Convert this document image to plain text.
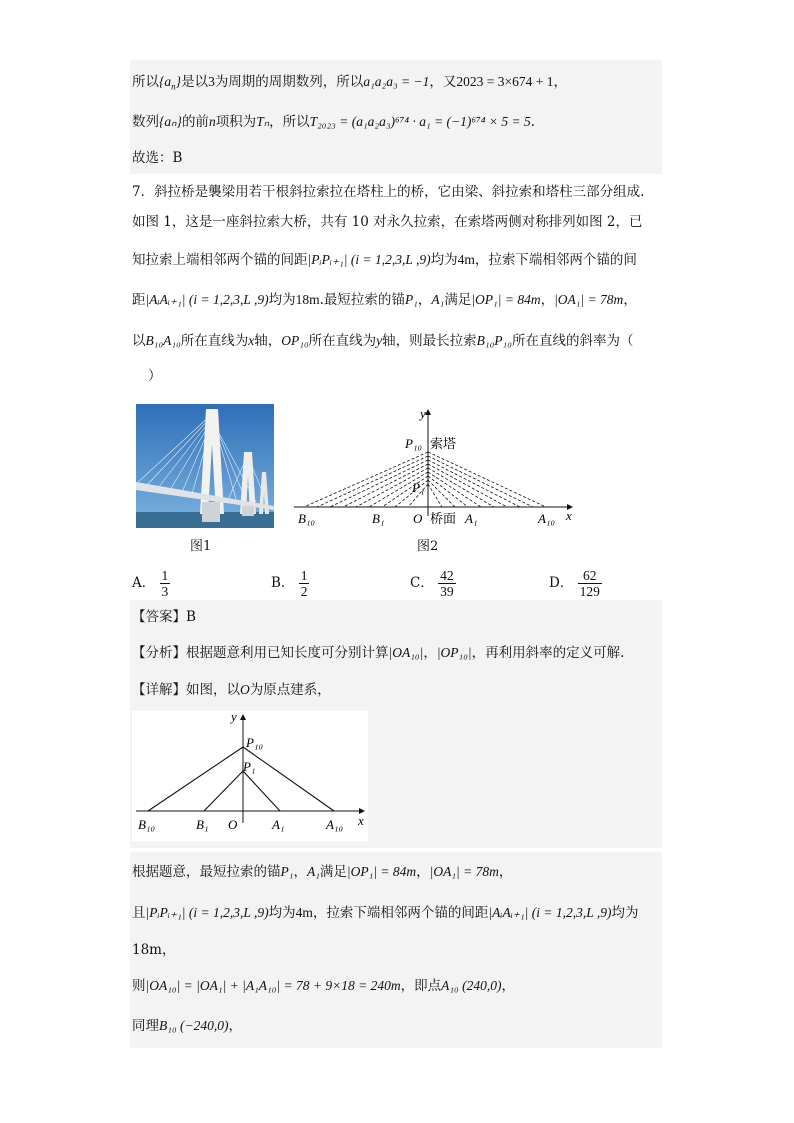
所以$\{a_n\}$是以3为周期的周期数列，所以a₁a₂a₃ = −1，又2023 = 3×674 + 1，
数列{aₙ}的前n项积为Tₙ，所以T₂₀₂₃ = (a₁a₂a₃)⁶⁷⁴ · a₁ = (−1)⁶⁷⁴ × 5 = 5.
故选：B
7．斜拉桥是襲梁用若干根斜拉索拉在塔柱上的桥，它由梁、斜拉索和塔柱三部分组成.
如图 1，这是一座斜拉索大桥，共有 10 对永久拉索，在索塔两侧对称排列如图 2，已
知拉索上端相邻两个锚的间距|PᵢPᵢ₊₁| (i = 1,2,3,L ,9)均为4m，拉索下端相邻两个锚的间
距|AᵢAᵢ₊₁| (i = 1,2,3,L ,9)均为18m.最短拉索的锚P₁，A₁满足|OP₁| = 84m，|OA₁| = 78m，
以B₁₀A₁₀所在直线为x轴，OP₁₀所在直线为y轴，则最长拉索B₁₀P₁₀所在直线的斜率为（
）
图1
y
P₁₀ 索塔
P₁
B₁₀	B₁ O 桥面 A₁	A₁₀ x
图2
A． $\frac{1}{3}$	B． $\frac{1}{2}$	C． $\frac{42}{39}$	D． $\frac{62}{129}$
【答案】B
【分析】根据题意利用已知长度可分别计算|OA₁₀|，|OP₁₀|，再利用斜率的定义可解.
【详解】如图，以O为原点建系，
y
P₁₀
P₁
B₁₀	B₁ O	A₁	A₁₀ x
根据题意，最短拉索的锚P₁，A₁满足|OP₁| = 84m，|OA₁| = 78m，
且|PᵢPᵢ₊₁| (i = 1,2,3,L ,9)均为4m，拉索下端相邻两个锚的间距|AᵢAᵢ₊₁| (i = 1,2,3,L ,9)均为
18m，
则|OA₁₀| = |OA₁| + |A₁A₁₀| = 78 + 9×18 = 240m，即点A₁₀ (240,0)，
同理B₁₀ (−240,0)，
